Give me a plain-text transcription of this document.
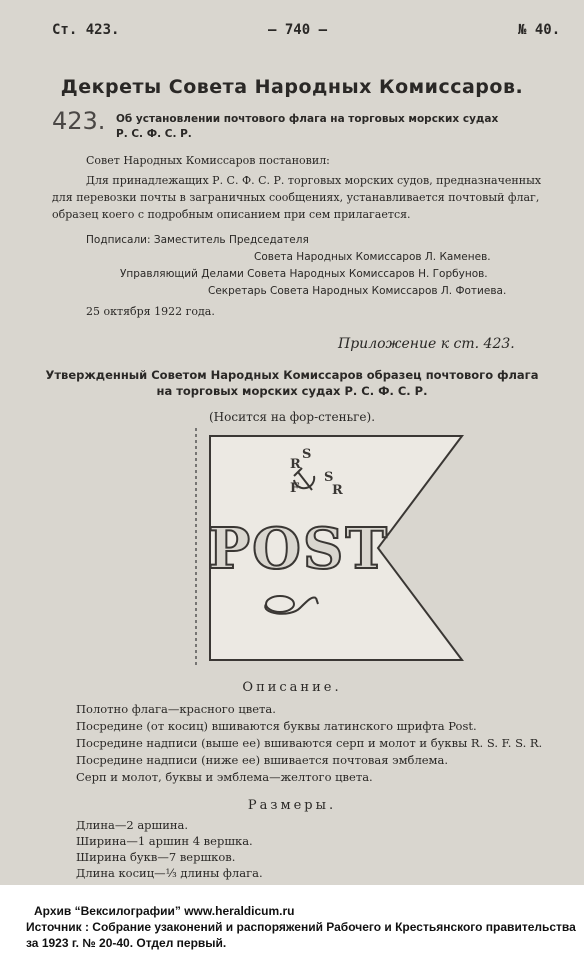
Ст. 423.	— 740 —	№ 40.
Декреты Совета Народных Комиссаров.
423. Об установлении почтового флага на торговых морских судах
Р. С. Ф. С. Р.
Совет Народных Комиссаров постановил:
Для принадлежащих Р. С. Ф. С. Р. торговых морских судов, предназначенных
для перевозки почты в заграничных сообщениях, устанавливается почтовый флаг,
образец коего с подробным описанием при сем прилагается.
Подписали: Заместитель Председателя
Совета Народных Комиссаров Л. Каменев.
Управляющий Делами Совета Народных Комиссаров Н. Горбунов.
Секретарь Совета Народных Комиссаров Л. Фотиева.
25 октября 1922 года.
Приложение к ст. 423.
Утвержденный Советом Народных Комиссаров образец почтового флага
на торговых морских судах Р. С. Ф. С. Р.
(Носится на фор-стеньге).
R
S
F
S
R
POST
Описание.
Полотно флага—красного цвета.
Посредине (от косиц) вшиваются буквы латинского шрифта Post.
Посредине надписи (выше ее) вшиваются серп и молот и буквы R. S. F. S. R.
Посредине надписи (ниже ее) вшивается почтовая эмблема.
Серп и молот, буквы и эмблема—желтого цвета.
Размеры.
Длина—2 аршина.
Ширина—1 аршин 4 вершка.
Ширина букв—7 вершков.
Длина косиц—⅓ длины флага.
Архив “Вексилографии” www.heraldicum.ru
Источник : Собрание узаконений и распоряжений Рабочего и Крестьянского правительства
за 1923 г. № 20-40. Отдел первый.
